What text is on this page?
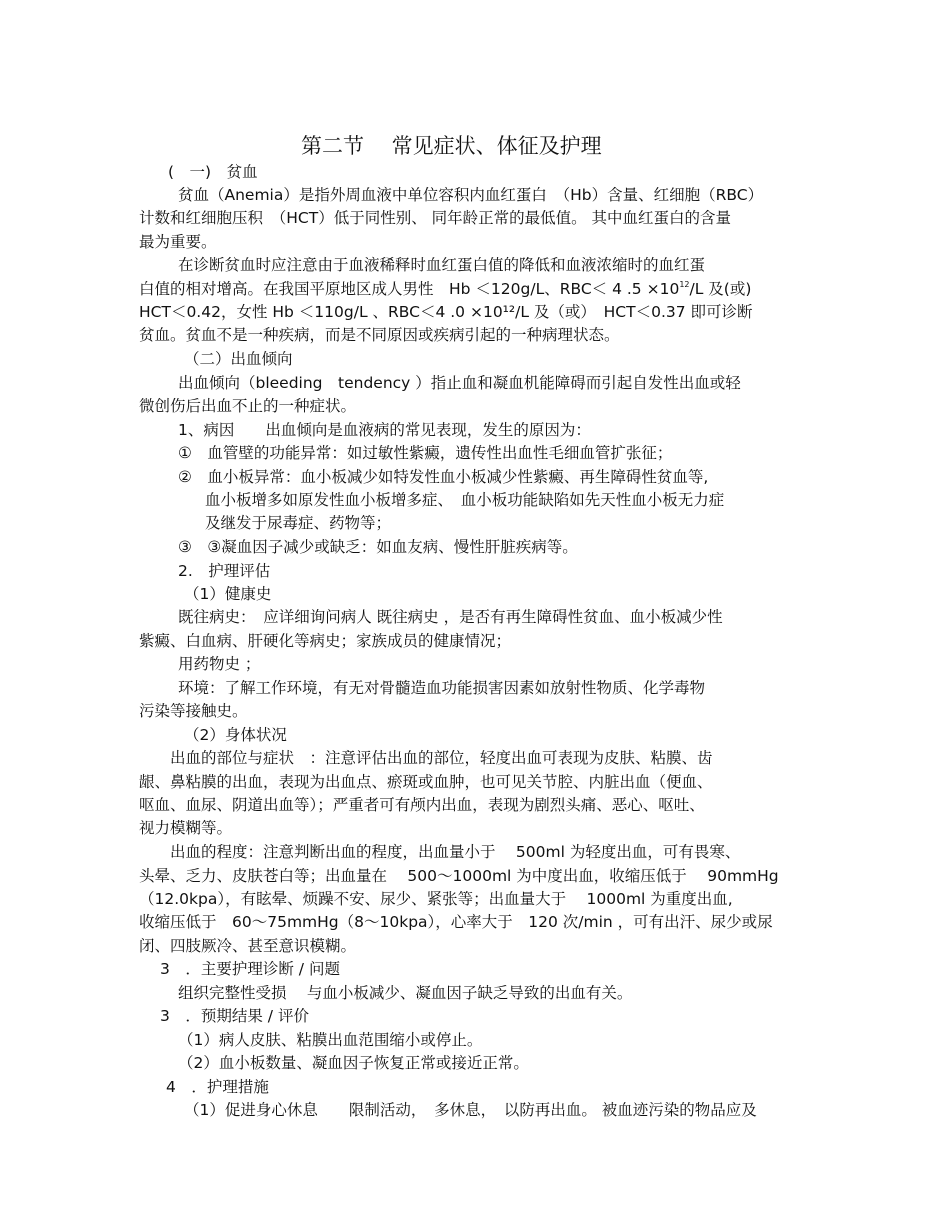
第二节　 常见症状、体征及护理
(　一)　贫血
贫血（Anemia）是指外周血液中单位容积内血红蛋白　（Hb）含量、红细胞（RBC）
计数和红细胞压积　（HCT）低于同性别、 同年龄正常的最低值。 其中血红蛋白的含量
最为重要。
在诊断贫血时应注意由于血液稀释时血红蛋白值的降低和血液浓缩时的血红蛋
白值的相对增高。在我国平原地区成人男性　Hb ＜120g/L、RBC＜ 4 $.5 \times 10^{12}/L$ 及(或)
HCT＜0.42，女性 Hb ＜110g/L 、RBC＜4 .0 ×10¹²/L 及（或）　HCT＜0.37 即可诊断
贫血。贫血不是一种疾病，而是不同原因或疾病引起的一种病理状态。
（二）出血倾向
出血倾向（bleeding　tendency ）指止血和凝血机能障碍而引起自发性出血或轻
微创伤后出血不止的一种症状。
1、病因　　出血倾向是血液病的常见表现，发生的原因为：
①　血管壁的功能异常：如过敏性紫癜，遗传性出血性毛细血管扩张征；
②　血小板异常：血小板减少如特发性血小板减少性紫癜、再生障碍性贫血等,
血小板增多如原发性血小板增多症、　血小板功能缺陷如先天性血小板无力症
及继发于尿毒症、药物等；
③　③凝血因子减少或缺乏：如血友病、慢性肝脏疾病等。
2.　护理评估
（1）健康史
既往病史：　应详细询问病人 既往病史 ，是否有再生障碍性贫血、血小板减少性
紫癜、白血病、肝硬化等病史；家族成员的健康情况；
用药物史 ；
环境：了解工作环境，有无对骨髓造血功能损害因素如放射性物质、化学毒物
污染等接触史。
（2）身体状况
出血的部位与症状　：注意评估出血的部位，轻度出血可表现为皮肤、粘膜、齿
龈、鼻粘膜的出血，表现为出血点、瘀斑或血肿，也可见关节腔、内脏出血（便血、
呕血、血尿、阴道出血等）；严重者可有颅内出血，表现为剧烈头痛、恶心、呕吐、
视力模糊等。
出血的程度：注意判断出血的程度，出血量小于　 500ml 为轻度出血，可有畏寒、
头晕、乏力、皮肤苍白等；出血量在　 500～1000ml 为中度出血，收缩压低于　 90mmHg
（12.0kpa），有眩晕、烦躁不安、尿少、紧张等；出血量大于　 1000ml 为重度出血,
收缩压低于　60～75mmHg（8～10kpa），心率大于　120 次/min ，可有出汗、尿少或尿
闭、四肢厥冷、甚至意识模糊。
3　．主要护理诊断 / 问题
组织完整性受损　 与血小板减少、凝血因子缺乏导致的出血有关。
3　．预期结果 / 评价
（1）病人皮肤、粘膜出血范围缩小或停止。
（2）血小板数量、凝血因子恢复正常或接近正常。
4　．护理措施
（1）促进身心休息　　限制活动，　多休息，　以防再出血。 被血迹污染的物品应及
